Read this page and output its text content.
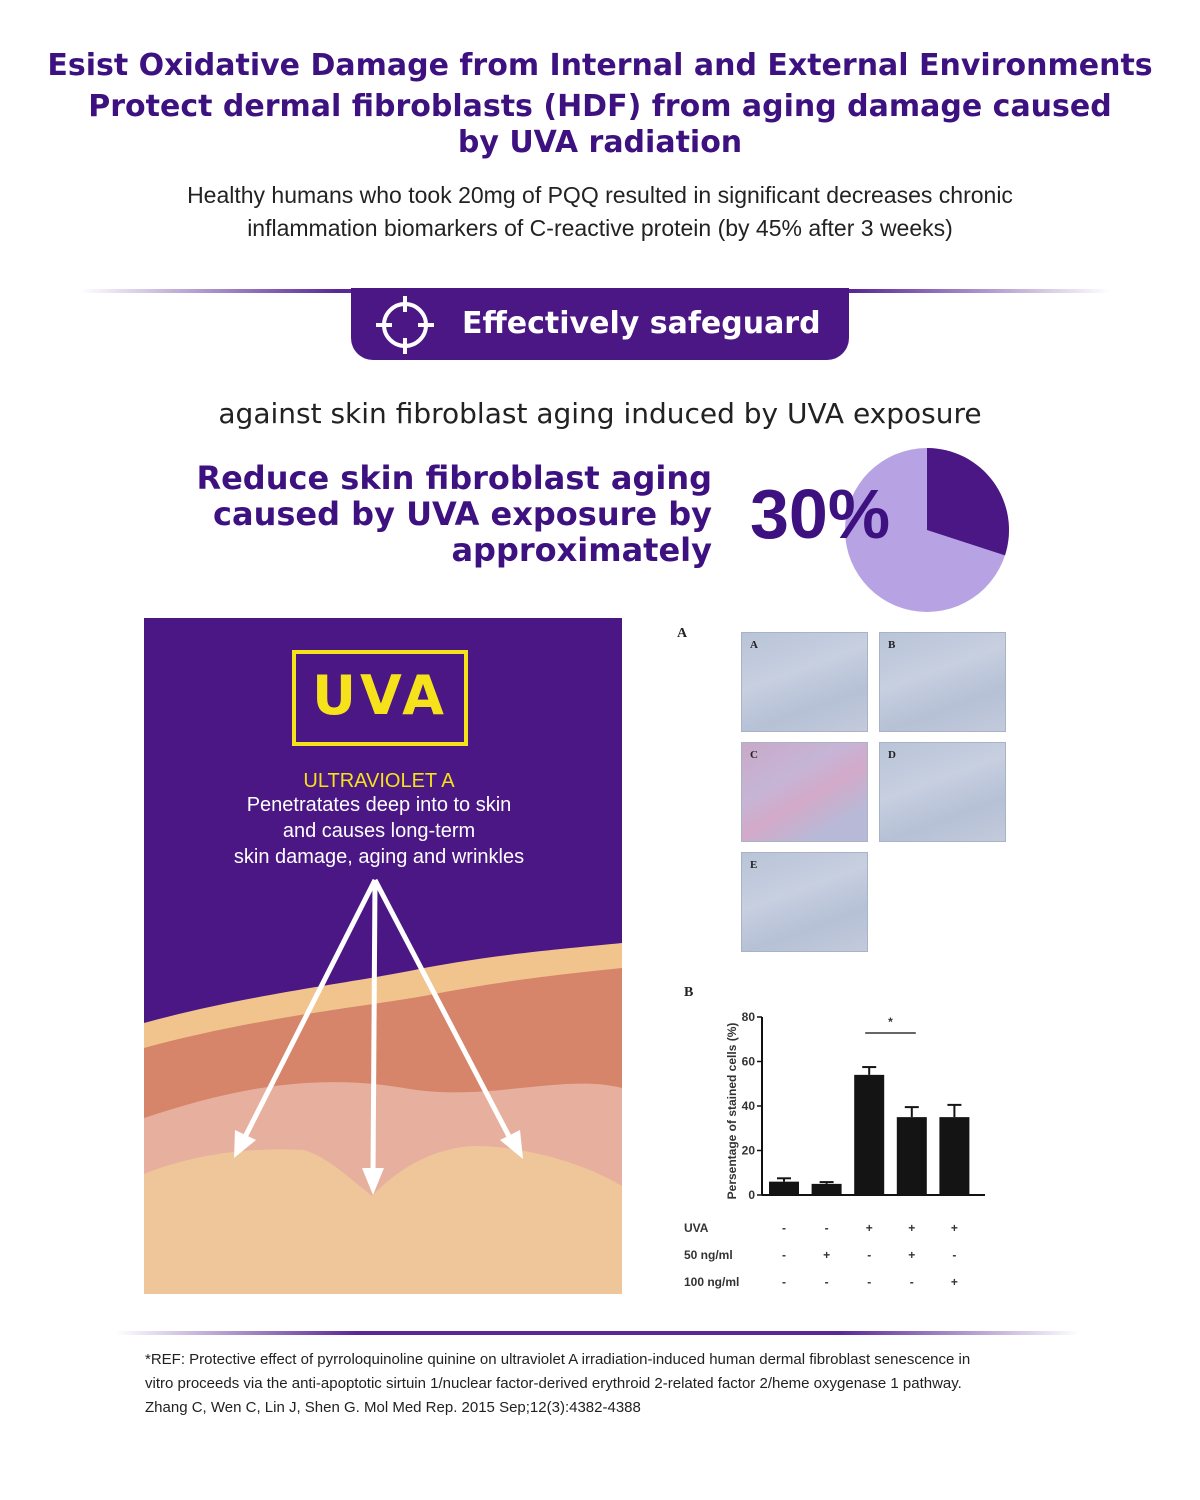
Esist Oxidative Damage from Internal and External Environments
Protect dermal fibroblasts (HDF) from aging damage caused
by UVA radiation
Healthy humans who took 20mg of PQQ resulted in significant decreases chronic
inflammation biomarkers of C-reactive protein (by 45% after 3 weeks)
Effectively safeguard
against skin fibroblast aging induced by UVA exposure
Reduce skin fibroblast aging
caused by UVA exposure by
approximately 30%
UVA
ULTRAVIOLET A
Penetratates deep into to skin
and causes long-term
skin damage, aging and wrinkles
A
A	B
C	D
E
B
0
20
40
60
80
Persentage of stained cells (%)
*
UVA	-	-	+	+	+
50 ng/ml	-	+	-	+	-
100 ng/ml	-	-	-	-	+
*REF: Protective effect of pyrroloquinoline quinine on ultraviolet A irradiation-induced human dermal fibroblast senescence in
vitro proceeds via the anti-apoptotic sirtuin 1/nuclear factor-derived erythroid 2-related factor 2/heme oxygenase 1 pathway.
Zhang C, Wen C, Lin J, Shen G. Mol Med Rep. 2015 Sep;12(3):4382-4388
